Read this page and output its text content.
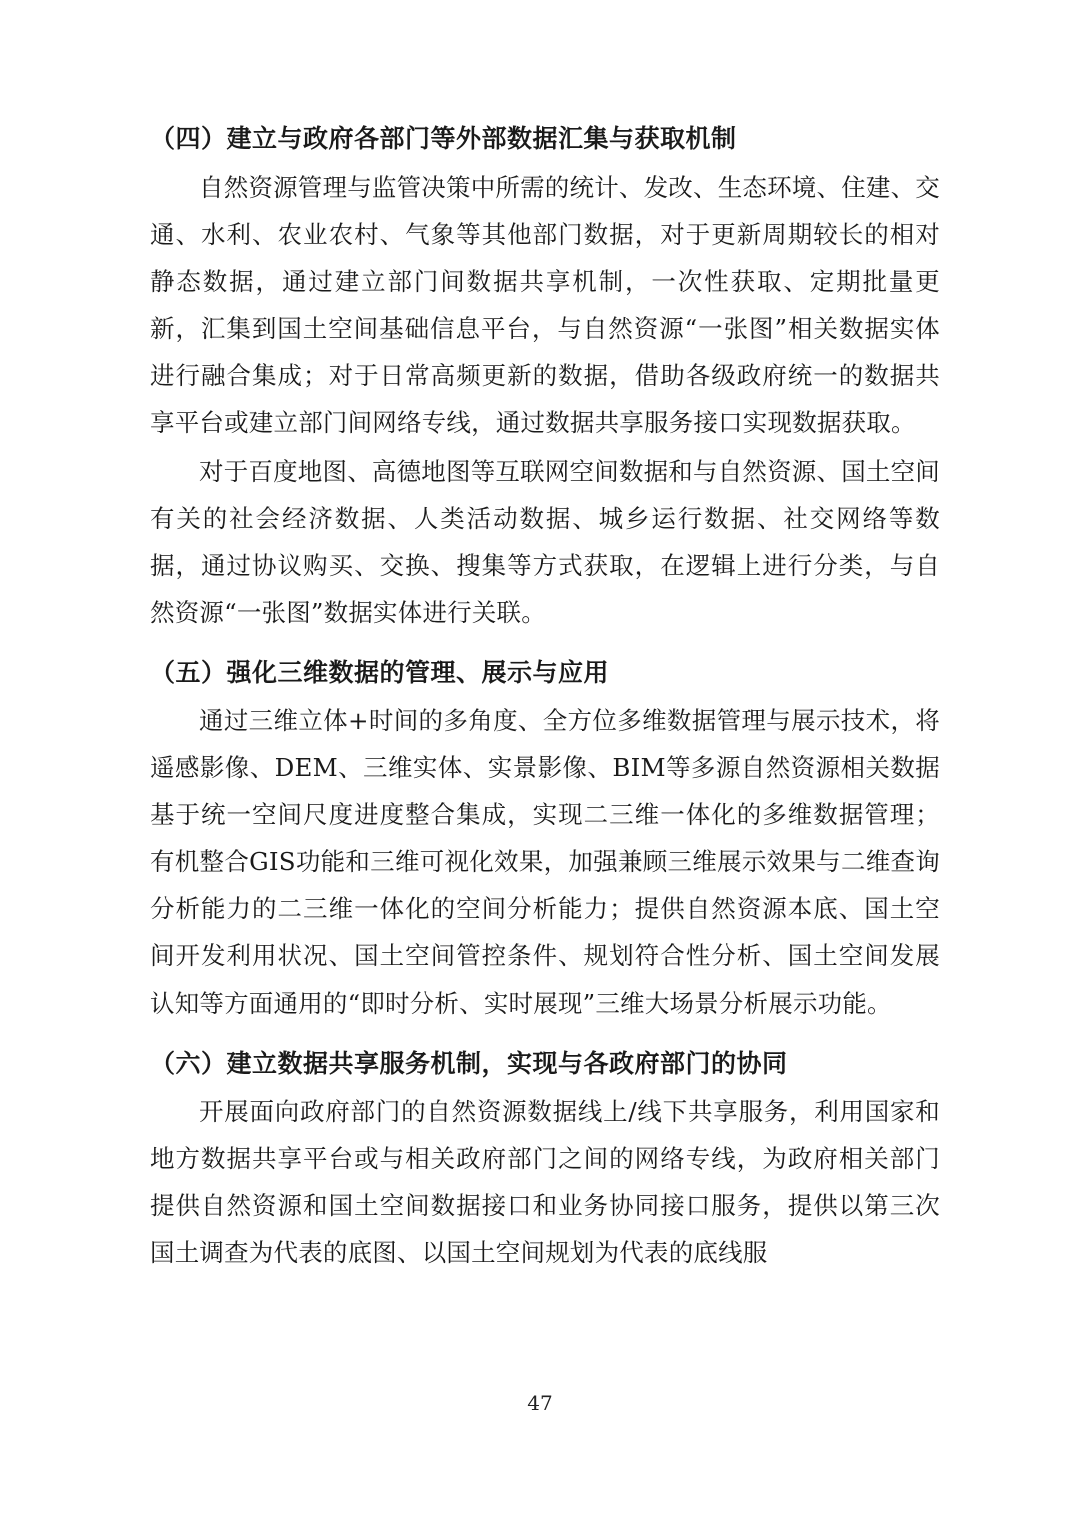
（四）建立与政府各部门等外部数据汇集与获取机制

自然资源管理与监管决策中所需的统计、发改、生态环境、住建、交通、水利、农业农村、气象等其他部门数据，对于更新周期较长的相对静态数据，通过建立部门间数据共享机制，一次性获取、定期批量更新，汇集到国土空间基础信息平台，与自然资源“一张图”相关数据实体进行融合集成；对于日常高频更新的数据，借助各级政府统一的数据共享平台或建立部门间网络专线，通过数据共享服务接口实现数据获取。

对于百度地图、高德地图等互联网空间数据和与自然资源、国土空间有关的社会经济数据、人类活动数据、城乡运行数据、社交网络等数据，通过协议购买、交换、搜集等方式获取，在逻辑上进行分类，与自然资源“一张图”数据实体进行关联。

（五）强化三维数据的管理、展示与应用

通过三维立体+时间的多角度、全方位多维数据管理与展示技术，将遥感影像、DEM、三维实体、实景影像、BIM等多源自然资源相关数据基于统一空间尺度进度整合集成，实现二三维一体化的多维数据管理；有机整合GIS功能和三维可视化效果，加强兼顾三维展示效果与二维查询分析能力的二三维一体化的空间分析能力；提供自然资源本底、国土空间开发利用状况、国土空间管控条件、规划符合性分析、国土空间发展认知等方面通用的“即时分析、实时展现”三维大场景分析展示功能。

（六）建立数据共享服务机制，实现与各政府部门的协同

开展面向政府部门的自然资源数据线上/线下共享服务，利用国家和地方数据共享平台或与相关政府部门之间的网络专线，为政府相关部门提供自然资源和国土空间数据接口和业务协同接口服务，提供以第三次国土调查为代表的底图、以国土空间规划为代表的底线服

47
